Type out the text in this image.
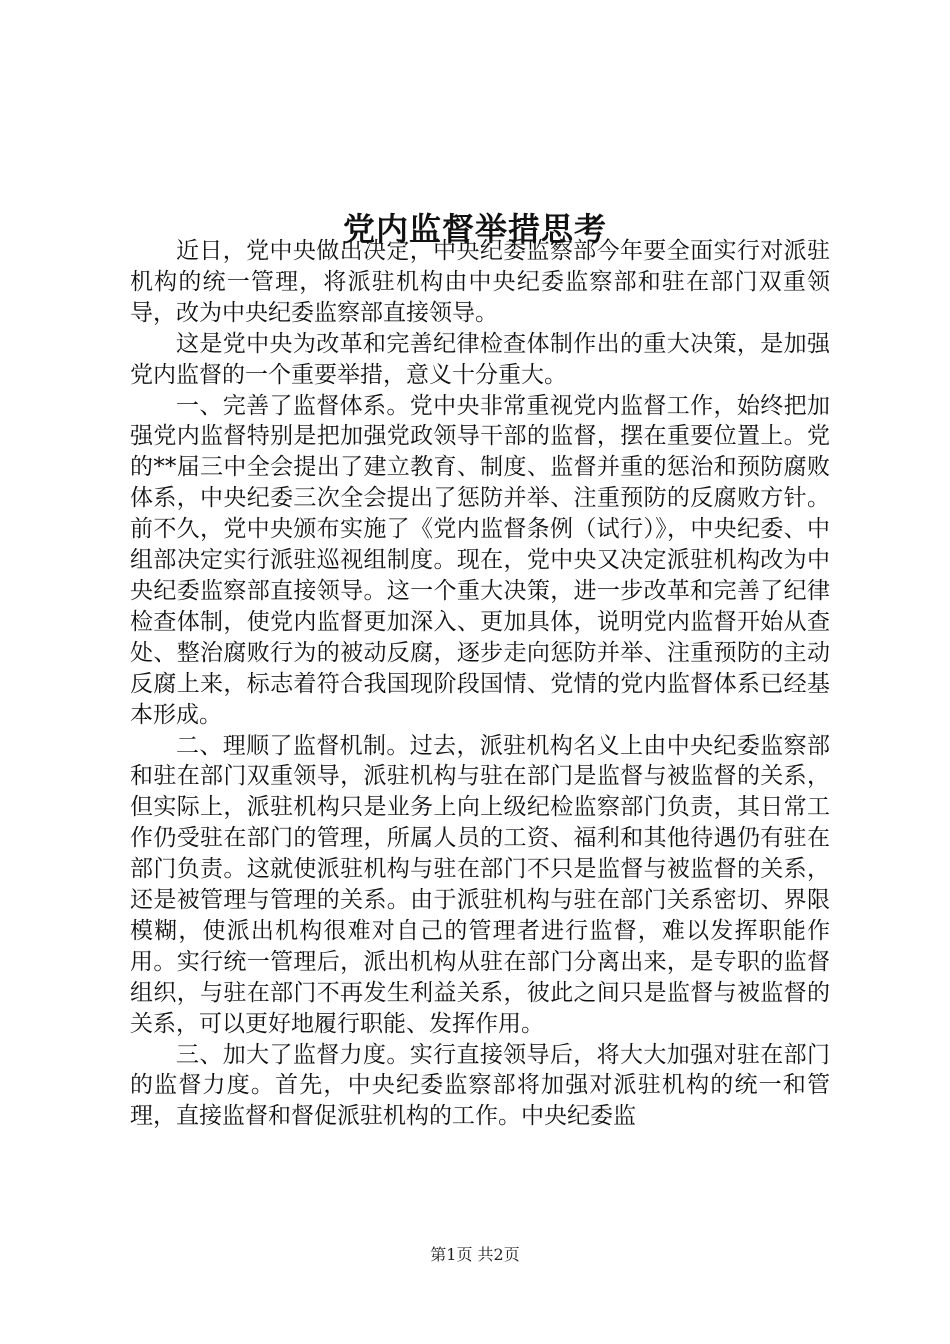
党内监督举措思考

近日，党中央做出决定，中央纪委监察部今年要全面实行对派驻机构的统一管理，将派驻机构由中央纪委监察部和驻在部门双重领导，改为中央纪委监察部直接领导。

这是党中央为改革和完善纪律检查体制作出的重大决策，是加强党内监督的一个重要举措，意义十分重大。

一、完善了监督体系。党中央非常重视党内监督工作，始终把加强党内监督特别是把加强党政领导干部的监督，摆在重要位置上。党的**届三中全会提出了建立教育、制度、监督并重的惩治和预防腐败体系，中央纪委三次全会提出了惩防并举、注重预防的反腐败方针。前不久，党中央颁布实施了《党内监督条例（试行）》，中央纪委、中组部决定实行派驻巡视组制度。现在，党中央又决定派驻机构改为中央纪委监察部直接领导。这一个重大决策，进一步改革和完善了纪律检查体制，使党内监督更加深入、更加具体，说明党内监督开始从查处、整治腐败行为的被动反腐，逐步走向惩防并举、注重预防的主动反腐上来，标志着符合我国现阶段国情、党情的党内监督体系已经基本形成。

二、理顺了监督机制。过去，派驻机构名义上由中央纪委监察部和驻在部门双重领导，派驻机构与驻在部门是监督与被监督的关系，但实际上，派驻机构只是业务上向上级纪检监察部门负责，其日常工作仍受驻在部门的管理，所属人员的工资、福利和其他待遇仍有驻在部门负责。这就使派驻机构与驻在部门不只是监督与被监督的关系，还是被管理与管理的关系。由于派驻机构与驻在部门关系密切、界限模糊，使派出机构很难对自己的管理者进行监督，难以发挥职能作用。实行统一管理后，派出机构从驻在部门分离出来，是专职的监督组织，与驻在部门不再发生利益关系，彼此之间只是监督与被监督的关系，可以更好地履行职能、发挥作用。

三、加大了监督力度。实行直接领导后，将大大加强对驻在部门的监督力度。首先，中央纪委监察部将加强对派驻机构的统一和管理，直接监督和督促派驻机构的工作。中央纪委监

第1页 共2页
